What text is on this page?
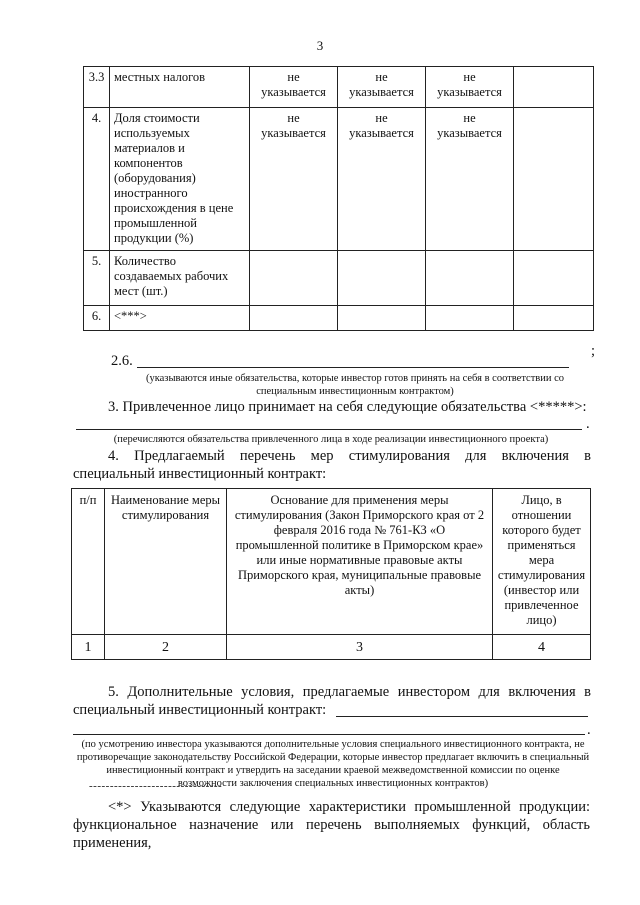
3
3.3	местных налогов	не указывается	не указывается	не указывается	
4.	Доля стоимости используемых материалов и компонентов (оборудования) иностранного происхождения в цене промышленной продукции (%)	не указывается	не указывается	не указывается	
5.	Количество создаваемых рабочих мест (шт.)				
6.	<***>				
2.6.
;
(указываются иные обязательства, которые инвестор готов принять на себя в соответствии со специальным инвестиционным контрактом)
3. Привлеченное лицо принимает на себя следующие обязательства <*****>:
.
(перечисляются обязательства привлеченного лица в ходе реализации инвестиционного проекта)
4. Предлагаемый перечень мер стимулирования для включения в
специальный инвестиционный контракт:
п/п	Наименование меры стимулирования	Основание для применения меры стимулирования (Закон Приморского края от 2 февраля 2016 года № 761-КЗ «О промышленной политике в Приморском крае» или иные нормативные правовые акты Приморского края, муниципальные правовые акты)	Лицо, в отношении которого будет применяться мера стимулирования (инвестор или привлеченное лицо)
1	2	3	4
5. Дополнительные условия, предлагаемые инвестором для включения в
специальный инвестиционный контракт:
.
(по усмотрению инвестора указываются дополнительные условия специального инвестиционного контракта, не противоречащие законодательству Российской Федерации, которые инвестор предлагает включить в специальный инвестиционный контракт и утвердить на заседании краевой межведомственной комиссии по оценке возможности заключения специальных инвестиционных контрактов)
--------------------------------
<*> Указываются следующие характеристики промышленной продукции:
функциональное назначение или перечень выполняемых функций, область применения,
